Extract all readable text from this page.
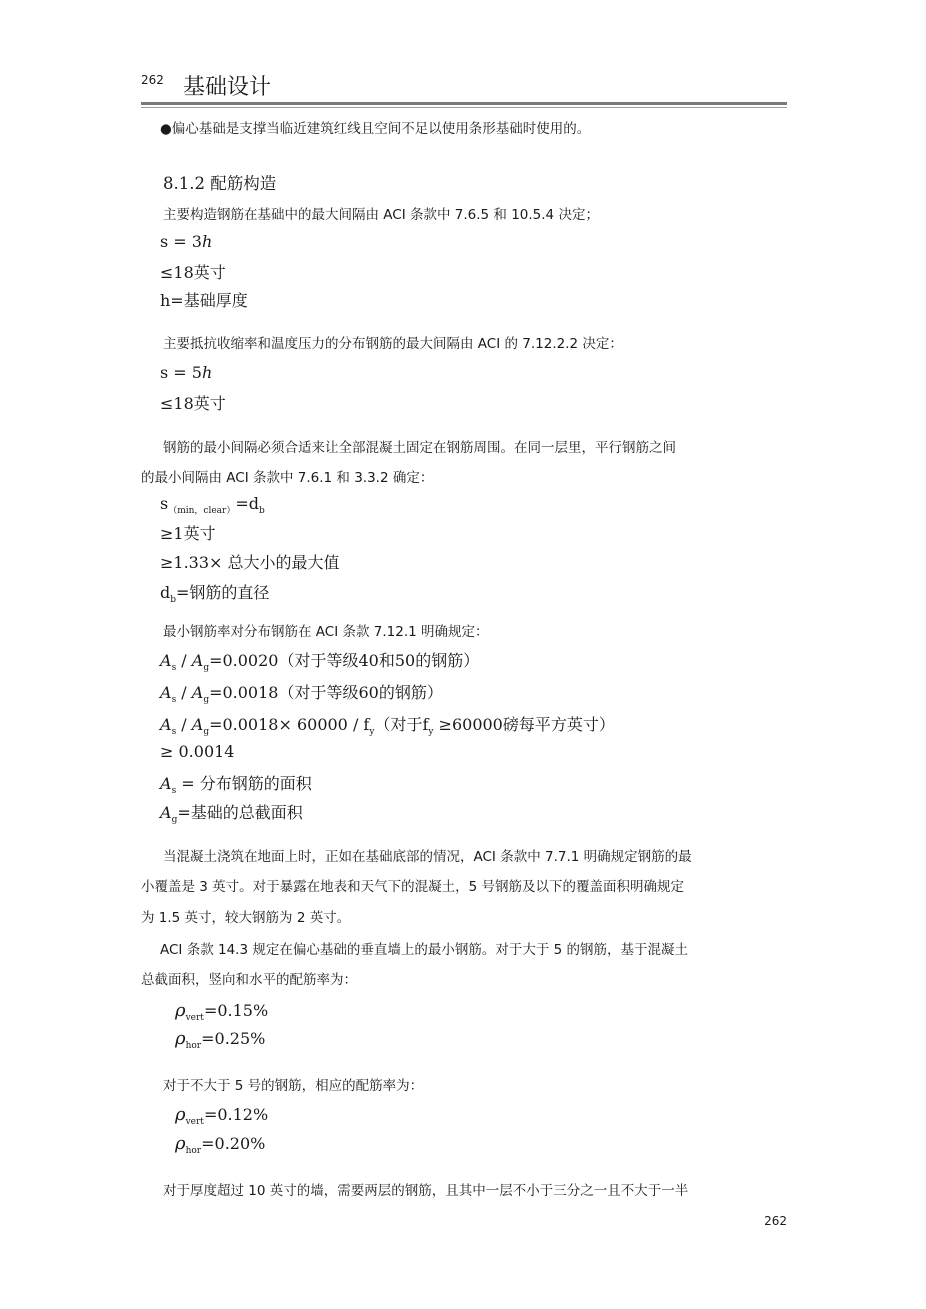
262 基础设计
●偏心基础是支撑当临近建筑红线且空间不足以使用条形基础时使用的。
8.1.2 配筋构造
主要构造钢筋在基础中的最大间隔由 ACI 条款中 7.6.5 和 10.5.4 决定；
s = 3h
≤18英寸
h=基础厚度
主要抵抗收缩率和温度压力的分布钢筋的最大间隔由 ACI 的 7.12.2.2 决定：
s = 5h
≤18英寸
钢筋的最小间隔必须合适来让全部混凝土固定在钢筋周围。在同一层里，平行钢筋之间
的最小间隔由 ACI 条款中 7.6.1 和 3.3.2 确定：
$s_{(min,clear)}=d_b$
≥1英寸
≥1.33× 总大小的最大值
$d_b=$钢筋的直径
最小钢筋率对分布钢筋在 ACI 条款 7.12.1 明确规定：
$A_s / A_g=0.0020$（对于等级40和50的钢筋）
$A_s / A_g=0.0018$（对于等级60的钢筋）
$A_s / A_g=0.0018\times 60000 / f_y$（对于$f_y \ge 60000$磅每平方英寸）
≥ 0.0014
$A_s$ = 分布钢筋的面积
$A_g=$基础的总截面积
当混凝土浇筑在地面上时，正如在基础底部的情况，ACI 条款中 7.7.1 明确规定钢筋的最
小覆盖是 3 英寸。对于暴露在地表和天气下的混凝土，5 号钢筋及以下的覆盖面积明确规定
为 1.5 英寸，较大钢筋为 2 英寸。
ACI 条款 14.3 规定在偏心基础的垂直墙上的最小钢筋。对于大于 5 的钢筋，基于混凝土
总截面积，竖向和水平的配筋率为：
$\rho_{vert}=0.15\%$
$\rho_{hor}=0.25\%$
对于不大于 5 号的钢筋，相应的配筋率为：
$\rho_{vert}=0.12\%$
$\rho_{hor}=0.20\%$
对于厚度超过 10 英寸的墙，需要两层的钢筋，且其中一层不小于三分之一且不大于一半
262
